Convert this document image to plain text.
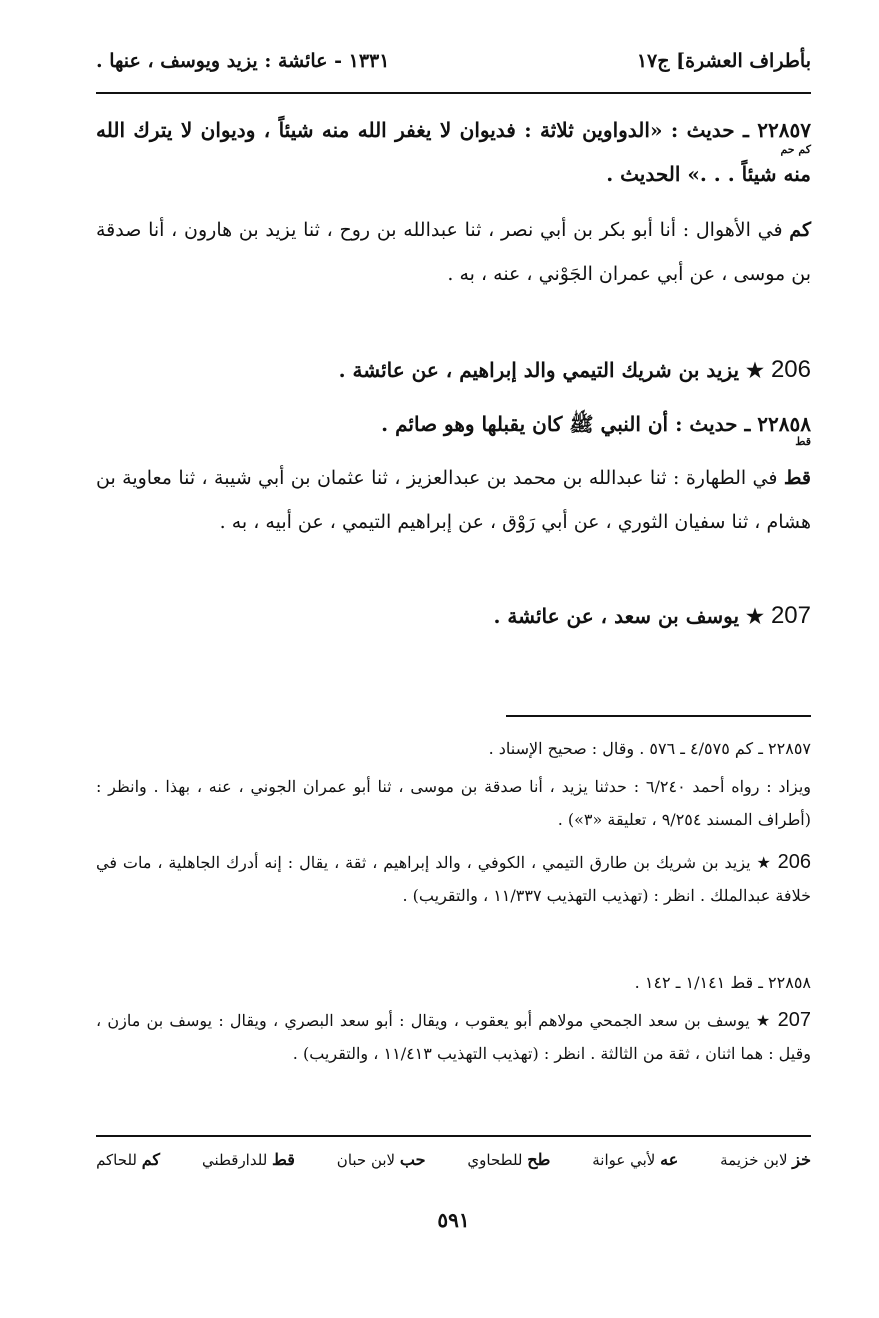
بأطراف العشرة] ج١٧
١٣٣١ - عائشة : يزيد ويوسف ، عنها .
٢٢٨٥٧ ـ حديث : «الدواوين ثلاثة : فديوان لا يغفر الله منه شيئاً ، وديوان لا يترك الله منه شيئاً . . .» الحديث .
كم حم
كم في الأهوال : أنا أبو بكر بن أبي نصر ، ثنا عبدالله بن روح ، ثنا يزيد بن هارون ، أنا صدقة بن موسى ، عن أبي عمران الجَوْني ، عنه ، به .
206 ★ يزيد بن شريك التيمي والد إبراهيم ، عن عائشة .
٢٢٨٥٨ ـ حديث : أن النبي ﷺ كان يقبلها وهو صائم .
قط
قط في الطهارة : ثنا عبدالله بن محمد بن عبدالعزيز ، ثنا عثمان بن أبي شيبة ، ثنا معاوية بن هشام ، ثنا سفيان الثوري ، عن أبي رَوْق ، عن إبراهيم التيمي ، عن أبيه ، به .
207 ★ يوسف بن سعد ، عن عائشة .
٢٢٨٥٧ ـ كم ٤/٥٧٥ ـ ٥٧٦ . وقال : صحيح الإسناد .
ويزاد : رواه أحمد ٦/٢٤٠ : حدثنا يزيد ، أنا صدقة بن موسى ، ثنا أبو عمران الجوني ، عنه ، بهذا . وانظر : (أطراف المسند ٩/٢٥٤ ، تعليقة «٣») .
206 ★ يزيد بن شريك بن طارق التيمي ، الكوفي ، والد إبراهيم ، ثقة ، يقال : إنه أدرك الجاهلية ، مات في خلافة عبدالملك . انظر : (تهذيب التهذيب ١١/٣٣٧ ، والتقريب) .
٢٢٨٥٨ ـ قط ١/١٤١ ـ ١٤٢ .
207 ★ يوسف بن سعد الجمحي مولاهم أبو يعقوب ، ويقال : أبو سعد البصري ، ويقال : يوسف بن مازن ، وقيل : هما اثنان ، ثقة من الثالثة . انظر : (تهذيب التهذيب ١١/٤١٣ ، والتقريب) .
خز لابن خزيمة
عه لأبي عوانة
طح للطحاوي
حب لابن حبان
قط للدارقطني
كم للحاكم
٥٩١
